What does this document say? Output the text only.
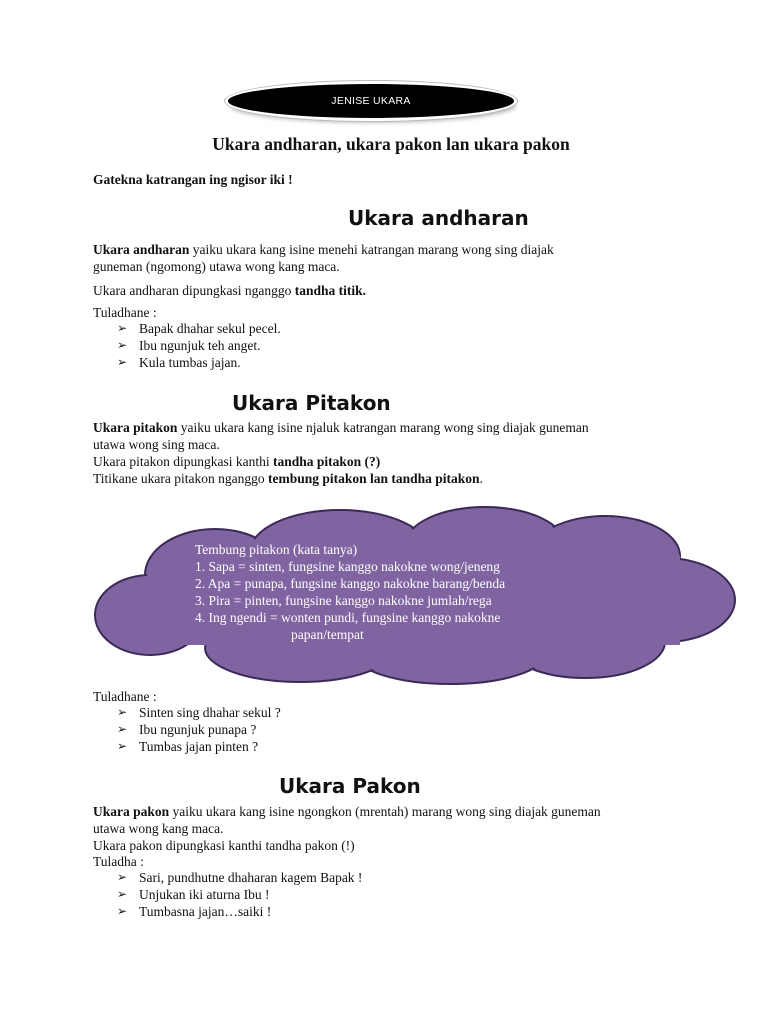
JENISE UKARA
Ukara andharan, ukara pakon lan ukara pakon
Gatekna katrangan ing ngisor iki !
Ukara andharan
Ukara andharan yaiku ukara kang isine menehi katrangan marang wong sing diajak
guneman (ngomong) utawa wong kang maca.
Ukara andharan dipungkasi nganggo tandha titik.
Tuladhane :
➢ Bapak dhahar sekul pecel.
➢ Ibu ngunjuk teh anget.
➢ Kula tumbas jajan.
Ukara Pitakon
Ukara pitakon yaiku ukara kang isine njaluk katrangan marang wong sing diajak guneman
utawa wong sing maca.
Ukara pitakon dipungkasi kanthi tandha pitakon (?)
Titikane ukara pitakon nganggo tembung pitakon lan tandha pitakon.
Tembung pitakon (kata tanya)
1. Sapa = sinten, fungsine kanggo nakokne wong/jeneng
2. Apa = punapa, fungsine kanggo nakokne barang/benda
3. Pira = pinten, fungsine kanggo nakokne jumlah/rega
4. Ing ngendi = wonten pundi, fungsine kanggo nakokne
papan/tempat
Tuladhane :
➢ Sinten sing dhahar sekul ?
➢ Ibu ngunjuk punapa ?
➢ Tumbas jajan pinten ?
Ukara Pakon
Ukara pakon yaiku ukara kang isine ngongkon (mrentah) marang wong sing diajak guneman
utawa wong kang maca.
Ukara pakon dipungkasi kanthi tandha pakon (!)
Tuladha :
➢ Sari, pundhutne dhaharan kagem Bapak !
➢ Unjukan iki aturna Ibu !
➢ Tumbasna jajan…saiki !
